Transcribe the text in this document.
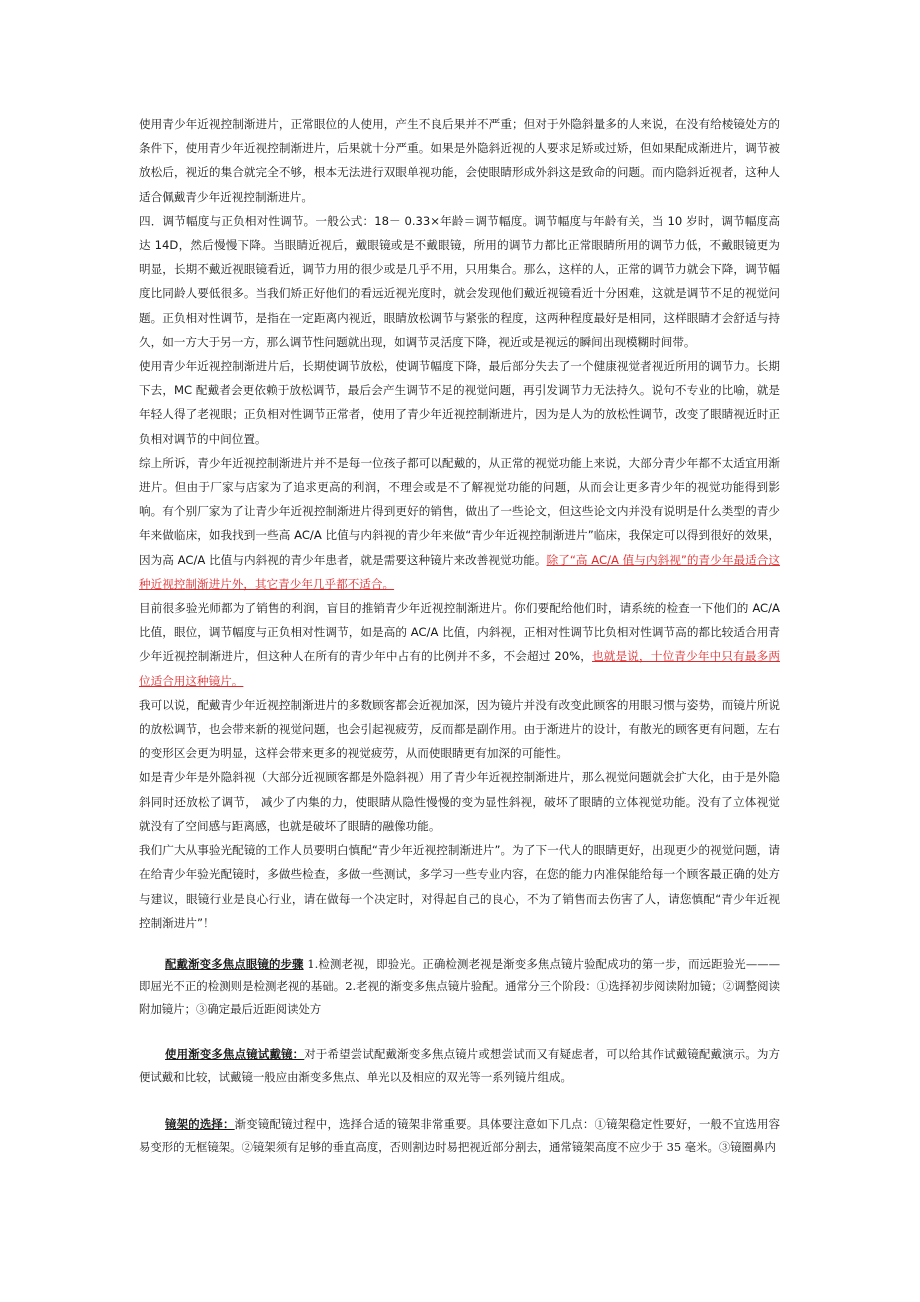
使用青少年近视控制渐进片，正常眼位的人使用，产生不良后果并不严重；但对于外隐斜量多的人来说，在没有给棱镜处方的条件下，使用青少年近视控制渐进片，后果就十分严重。如果是外隐斜近视的人要求足矫或过矫，但如果配成渐进片，调节被放松后，视近的集合就完全不够，根本无法进行双眼单视功能，会使眼睛形成外斜这是致命的问题。而内隐斜近视者，这种人适合佩戴青少年近视控制渐进片。

四．调节幅度与正负相对性调节。一般公式：18－ 0.33×年龄＝调节幅度。调节幅度与年龄有关，当 10 岁时，调节幅度高达 14D，然后慢慢下降。当眼睛近视后，戴眼镜或是不戴眼镜，所用的调节力都比正常眼睛所用的调节力低，不戴眼镜更为明显，长期不戴近视眼镜看近，调节力用的很少或是几乎不用，只用集合。那么，这样的人，正常的调节力就会下降，调节幅度比同龄人要低很多。当我们矫正好他们的看远近视光度时，就会发现他们戴近视镜看近十分困难，这就是调节不足的视觉问题。正负相对性调节，是指在一定距离内视近，眼睛放松调节与紧张的程度，这两种程度最好是相同，这样眼睛才会舒适与持久，如一方大于另一方，那么调节性问题就出现，如调节灵活度下降，视近或是视远的瞬间出现模糊时间带。

使用青少年近视控制渐进片后，长期使调节放松，使调节幅度下降，最后部分失去了一个健康视觉者视近所用的调节力。长期下去，MC 配戴者会更依赖于放松调节，最后会产生调节不足的视觉问题，再引发调节力无法持久。说句不专业的比喻，就是年轻人得了老视眼；正负相对性调节正常者，使用了青少年近视控制渐进片，因为是人为的放松性调节，改变了眼睛视近时正负相对调节的中间位置。

综上所诉，青少年近视控制渐进片并不是每一位孩子都可以配戴的，从正常的视觉功能上来说，大部分青少年都不太适宜用渐进片。但由于厂家与店家为了追求更高的利润，不理会或是不了解视觉功能的问题，从而会让更多青少年的视觉功能得到影响。有个别厂家为了让青少年近视控制渐进片得到更好的销售，做出了一些论文，但这些论文内并没有说明是什么类型的青少年来做临床，如我找到一些高 AC/A 比值与内斜视的青少年来做“青少年近视控制渐进片”临床，我保定可以得到很好的效果，因为高 AC/A 比值与内斜视的青少年患者，就是需要这种镜片来改善视觉功能。除了“高 AC/A 值与内斜视”的青少年最适合这种近视控制渐进片外，其它青少年几乎都不适合。

目前很多验光师都为了销售的利润，盲目的推销青少年近视控制渐进片。你们要配给他们时，请系统的检查一下他们的 AC/A 比值，眼位，调节幅度与正负相对性调节，如是高的 AC/A 比值，内斜视，正相对性调节比负相对性调节高的都比较适合用青少年近视控制渐进片，但这种人在所有的青少年中占有的比例并不多，不会超过 20%，也就是说，十位青少年中只有最多两位适合用这种镜片。

我可以说，配戴青少年近视控制渐进片的多数顾客都会近视加深，因为镜片并没有改变此顾客的用眼习惯与姿势，而镜片所说的放松调节，也会带来新的视觉问题，也会引起视疲劳，反而都是副作用。由于渐进片的设计，有散光的顾客更有问题，左右的变形区会更为明显，这样会带来更多的视觉疲劳，从而使眼睛更有加深的可能性。

如是青少年是外隐斜视（大部分近视顾客都是外隐斜视）用了青少年近视控制渐进片，那么视觉问题就会扩大化，由于是外隐斜同时还放松了调节， 减少了内集的力，使眼睛从隐性慢慢的变为显性斜视，破坏了眼睛的立体视觉功能。没有了立体视觉就没有了空间感与距离感，也就是破坏了眼睛的融像功能。

我们广大从事验光配镜的工作人员要明白慎配“青少年近视控制渐进片”。为了下一代人的眼睛更好，出现更少的视觉问题，请在给青少年验光配镜时，多做些检查，多做一些测试，多学习一些专业内容，在您的能力内准保能给每一个顾客最正确的处方与建议，眼镜行业是良心行业，请在做每一个决定时，对得起自己的良心，不为了销售而去伤害了人，请您慎配“青少年近视控制渐进片”！

配戴渐变多焦点眼镜的步骤 1.检测老视，即验光。正确检测老视是渐变多焦点镜片验配成功的第一步，而远距验光———即屈光不正的检测则是检测老视的基础。2.老视的渐变多焦点镜片验配。通常分三个阶段：①选择初步阅读附加镜；②调整阅读附加镜片；③确定最后近距阅读处方

使用渐变多焦点镜试戴镜：对于希望尝试配戴渐变多焦点镜片或想尝试而又有疑虑者，可以给其作试戴镜配戴演示。为方便试戴和比较，试戴镜一般应由渐变多焦点、单光以及相应的双光等一系列镜片组成。

镜架的选择：渐变镜配镜过程中，选择合适的镜架非常重要。具体要注意如下几点：①镜架稳定性要好，一般不宜选用容易变形的无框镜架。②镜架须有足够的垂直高度，否则割边时易把视近部分割去，通常镜架高度不应少于 35 毫米。③镜圈鼻内
